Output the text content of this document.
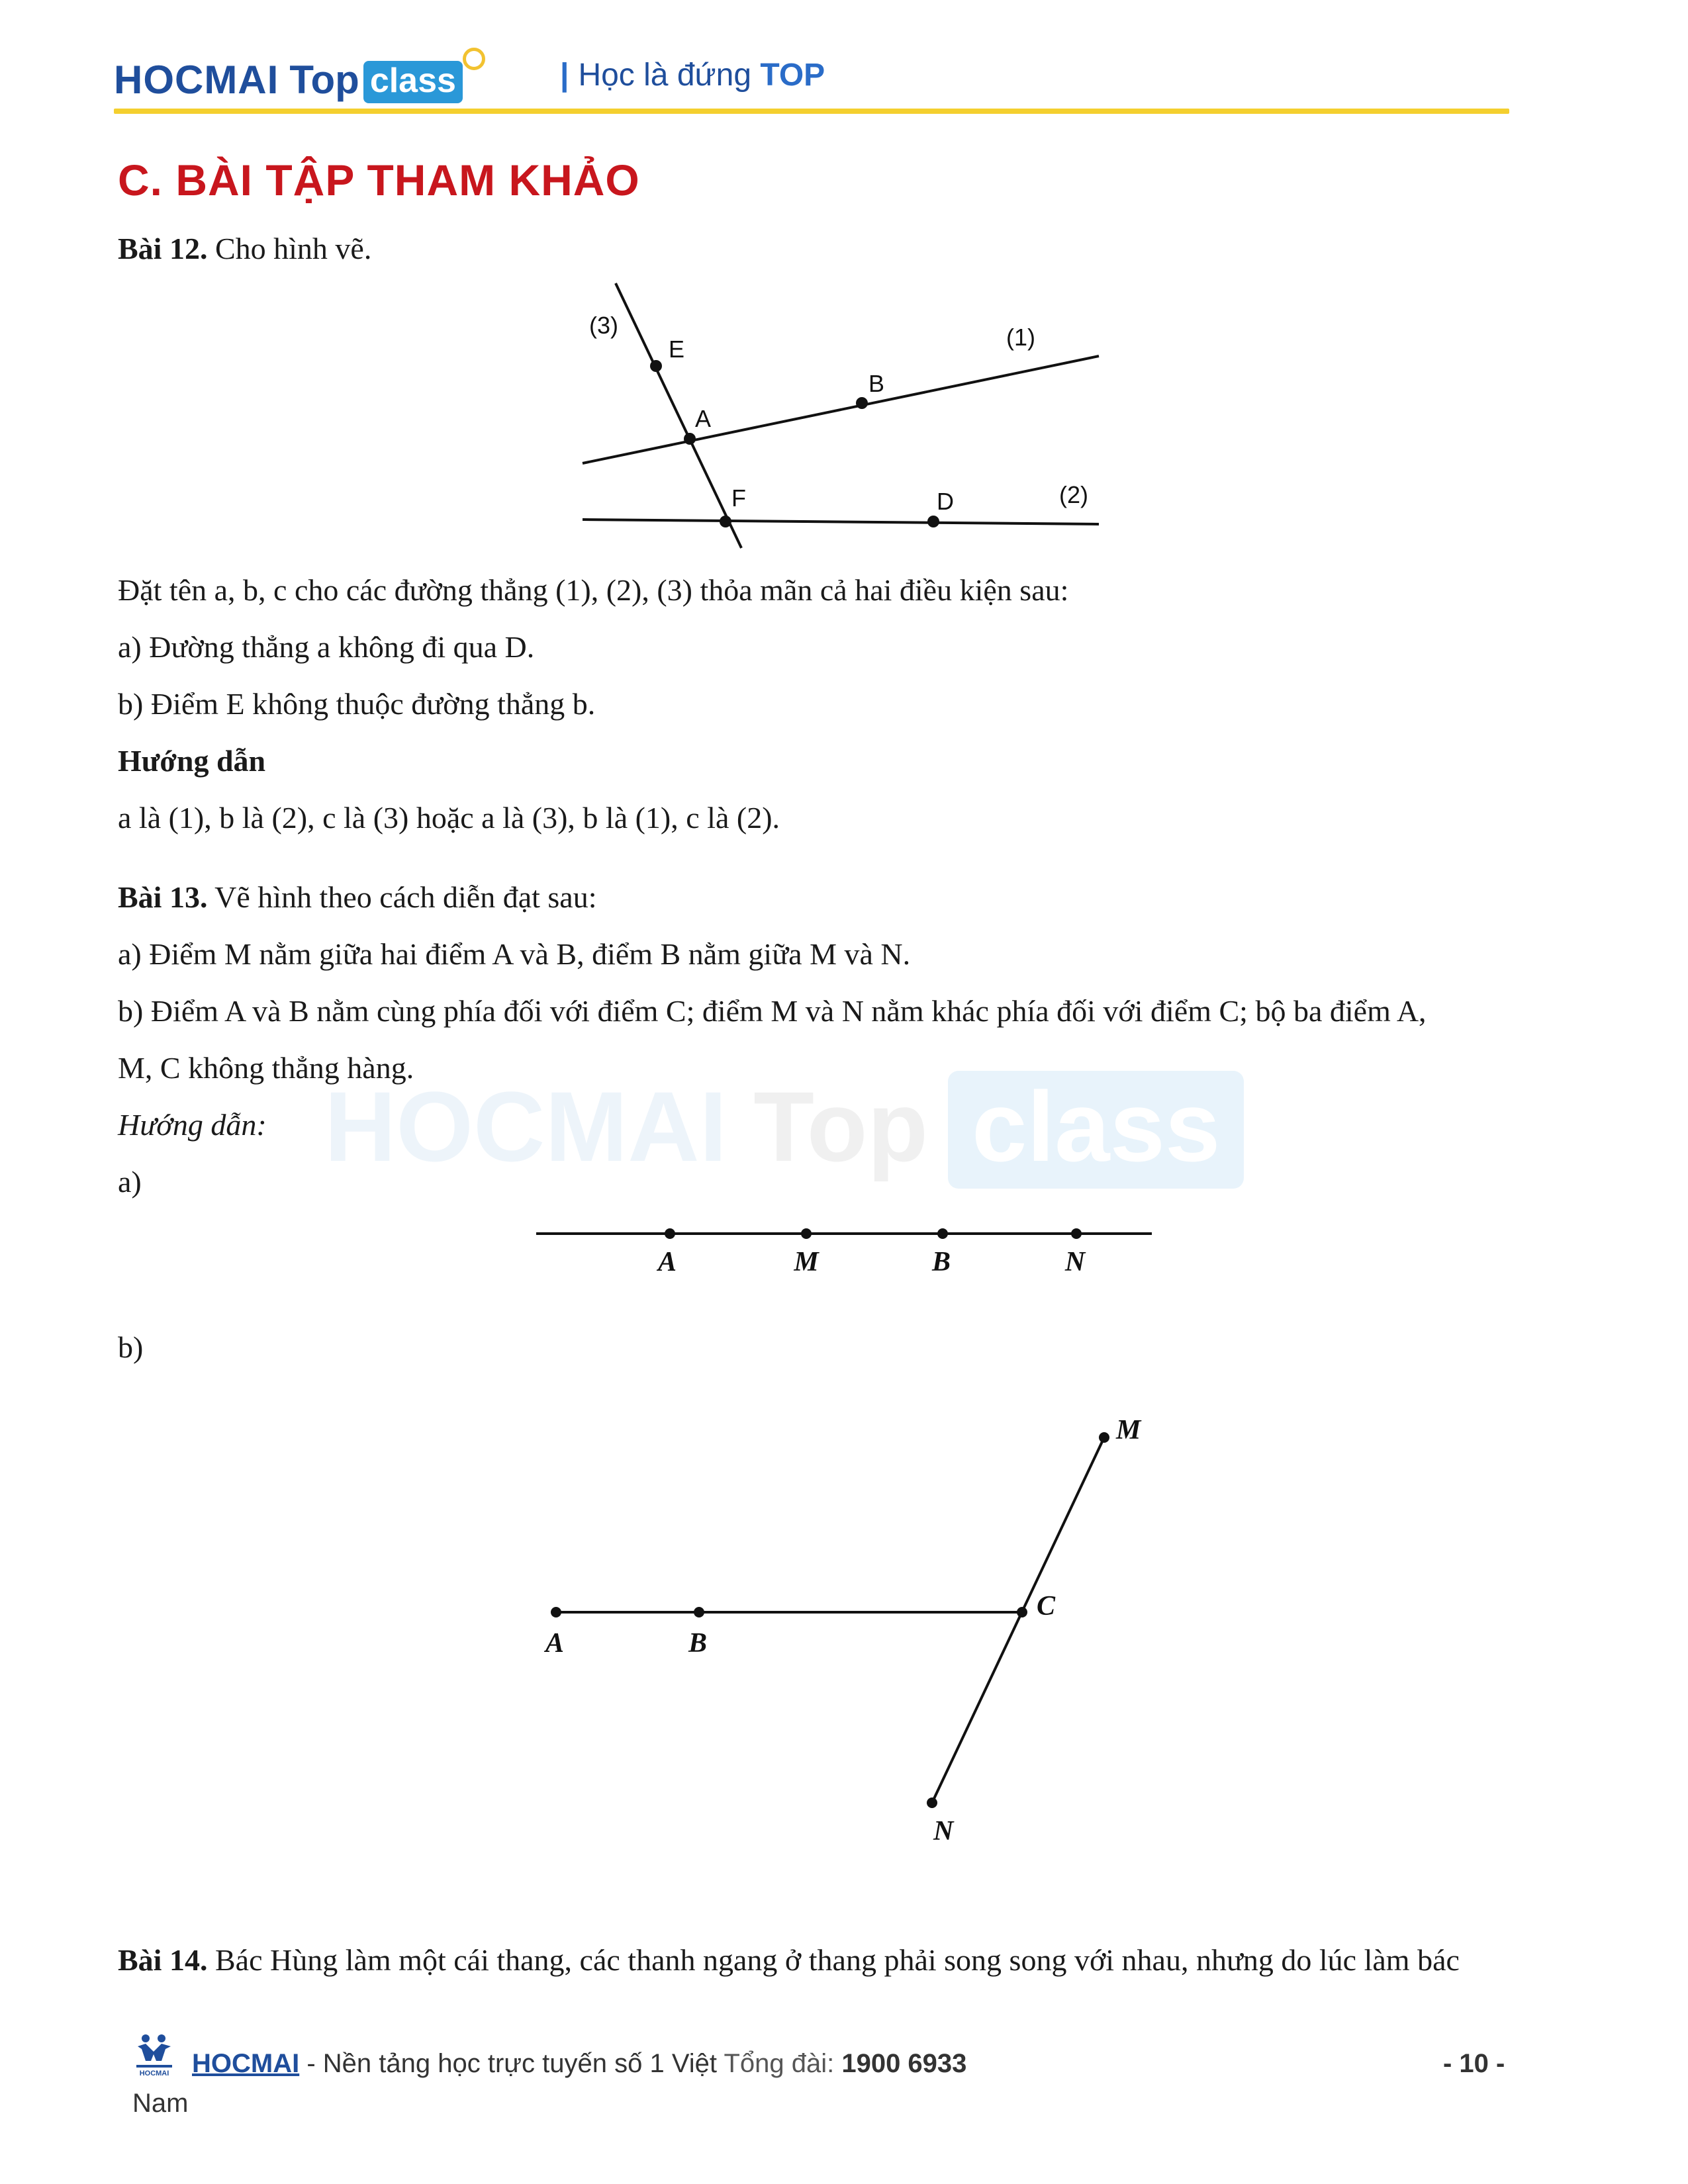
HOCMAI Top class	| Học là đứng TOP
HOCMAI Top class
C. BÀI TẬP THAM KHẢO
Bài 12. Cho hình vẽ.
E
A
B
F	D
(3)	(1)
(2)
Đặt tên a, b, c cho các đường thẳng (1), (2), (3) thỏa mãn cả hai điều kiện sau:
a) Đường thẳng a không đi qua D.
b) Điểm E không thuộc đường thẳng b.
Hướng dẫn
a là (1), b là (2), c là (3) hoặc a là (3), b là (1), c là (2).
Bài 13. Vẽ hình theo cách diễn đạt sau:
a) Điểm M nằm giữa hai điểm A và B, điểm B nằm giữa M và N.
b) Điểm A và B nằm cùng phía đối với điểm C; điểm M và N nằm khác phía đối với điểm C; bộ ba điểm A,
M, C không thẳng hàng.
Hướng dẫn:
a)
A	M	B	N
b)
A	B
C
M
N
Bài 14. Bác Hùng làm một cái thang, các thanh ngang ở thang phải song song với nhau, nhưng do lúc làm bác
HOCMAI HOCMAI - Nền tảng học trực tuyến số 1 Việt Tổng đài: 1900 6933
Nam
- 10 -
